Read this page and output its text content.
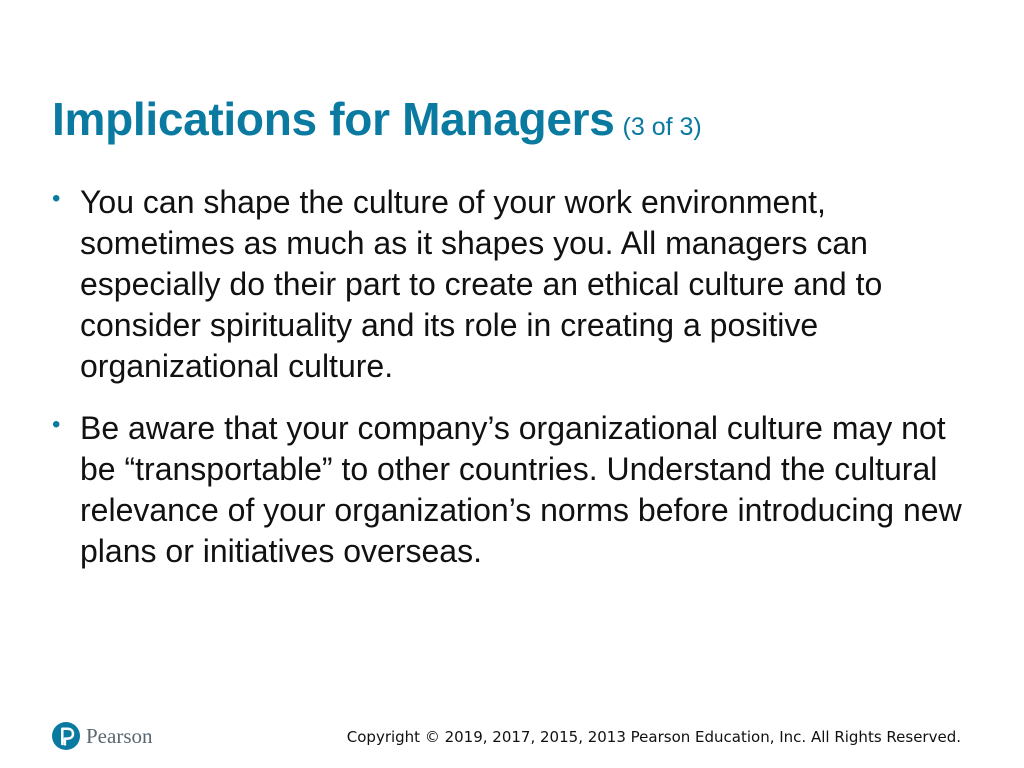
Implications for Managers (3 of 3)
• You can shape the culture of your work environment, sometimes as much as it shapes you. All managers can especially do their part to create an ethical culture and to consider spirituality and its role in creating a positive organizational culture.
• Be aware that your company’s organizational culture may not be “transportable” to other countries. Understand the cultural relevance of your organization’s norms before introducing new plans or initiatives overseas.
Pearson	Copyright © 2019, 2017, 2015, 2013 Pearson Education, Inc. All Rights Reserved.
